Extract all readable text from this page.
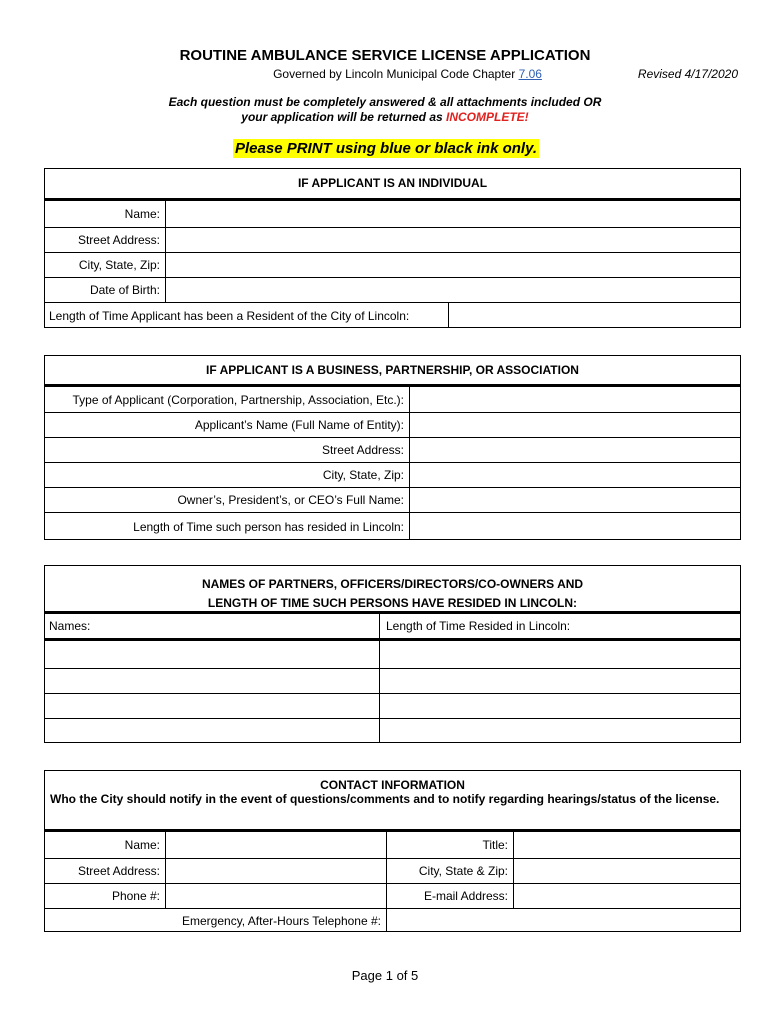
ROUTINE AMBULANCE SERVICE LICENSE APPLICATION
Governed by Lincoln Municipal Code Chapter 7.06	Revised 4/17/2020
Each question must be completely answered & all attachments included OR
your application will be returned as INCOMPLETE!
Please PRINT using blue or black ink only.
IF APPLICANT IS AN INDIVIDUAL
Name:
Street Address:
City, State, Zip:
Date of Birth:
Length of Time Applicant has been a Resident of the City of Lincoln:
IF APPLICANT IS A BUSINESS, PARTNERSHIP, OR ASSOCIATION
Type of Applicant (Corporation, Partnership, Association, Etc.):
Applicant’s Name (Full Name of Entity):
Street Address:
City, State, Zip:
Owner’s, President’s, or CEO’s Full Name:
Length of Time such person has resided in Lincoln:
NAMES OF PARTNERS, OFFICERS/DIRECTORS/CO-OWNERS AND
LENGTH OF TIME SUCH PERSONS HAVE RESIDED IN LINCOLN:
Names:	Length of Time Resided in Lincoln:
CONTACT INFORMATION
Who the City should notify in the event of questions/comments and to notify regarding hearings/status of the license.
Name:	Title:
Street Address:	City, State & Zip:
Phone #:	E-mail Address:
Emergency, After-Hours Telephone #:
Page 1 of 5
